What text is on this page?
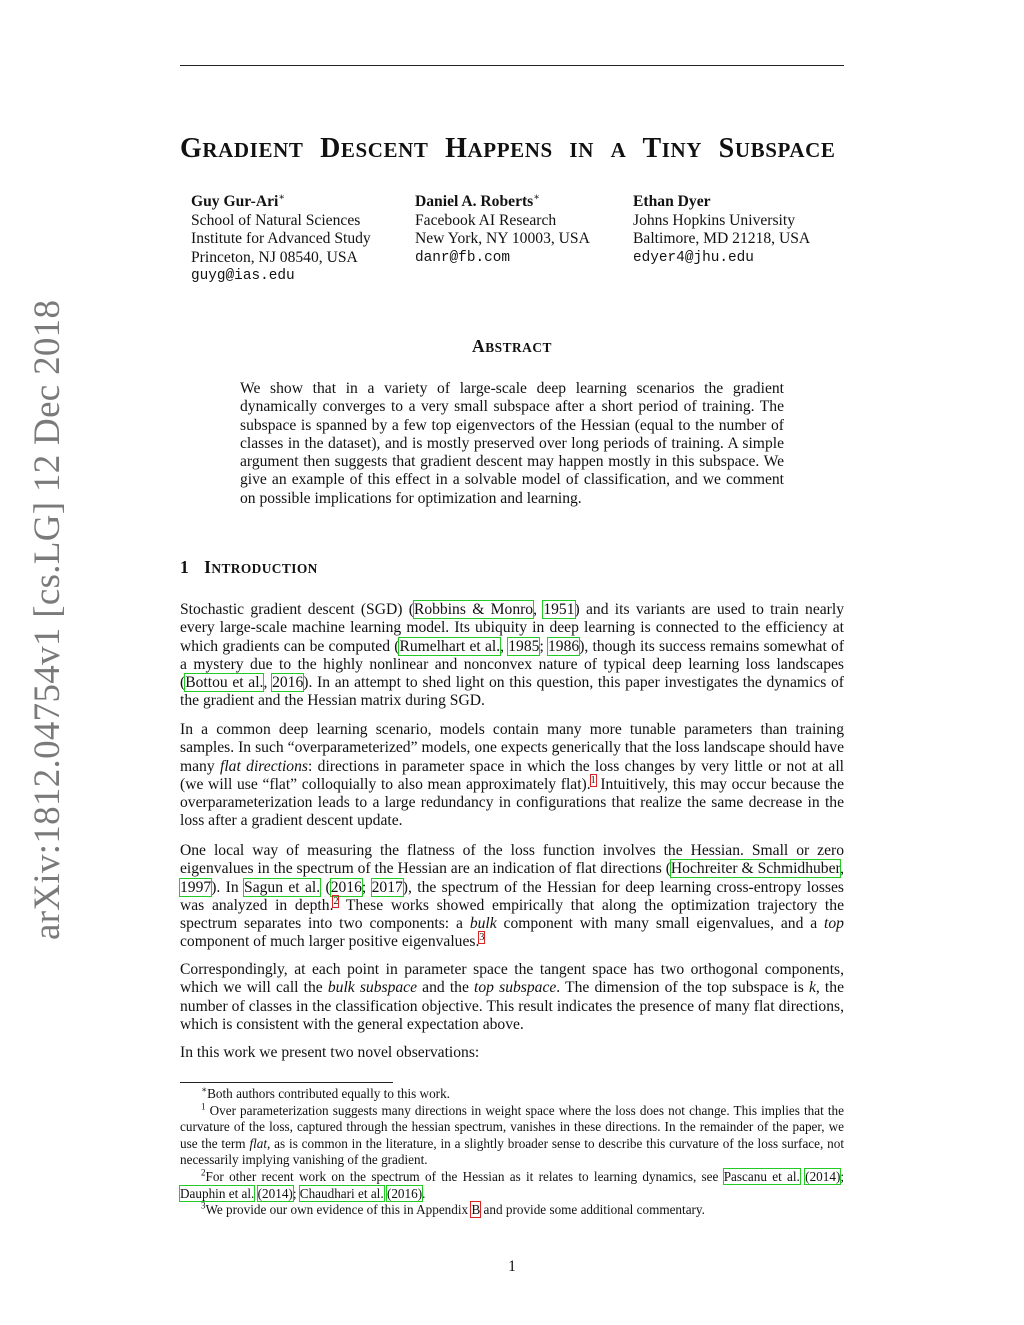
arXiv:1812.04754v1 [cs.LG] 12 Dec 2018
GRADIENT DESCENT HAPPENS IN A TINY SUBSPACE
Guy Gur-Ari∗
School of Natural Sciences
Institute for Advanced Study
Princeton, NJ 08540, USA
guyg@ias.edu
Daniel A. Roberts∗
Facebook AI Research
New York, NY 10003, USA
danr@fb.com
Ethan Dyer
Johns Hopkins University
Baltimore, MD 21218, USA
edyer4@jhu.edu
ABSTRACT

We show that in a variety of large-scale deep learning scenarios the gradient dynamically converges to a very small subspace after a short period of training. The subspace is spanned by a few top eigenvectors of the Hessian (equal to the number of classes in the dataset), and is mostly preserved over long periods of training. A simple argument then suggests that gradient descent may happen mostly in this subspace. We give an example of this effect in a solvable model of classification, and we comment on possible implications for optimization and learning.

1 INTRODUCTION

Stochastic gradient descent (SGD) (Robbins & Monro, 1951) and its variants are used to train nearly every large-scale machine learning model. Its ubiquity in deep learning is connected to the efficiency at which gradients can be computed (Rumelhart et al., 1985; 1986), though its success remains somewhat of a mystery due to the highly nonlinear and nonconvex nature of typical deep learning loss landscapes (Bottou et al., 2016). In an attempt to shed light on this question, this paper investigates the dynamics of the gradient and the Hessian matrix during SGD.

In a common deep learning scenario, models contain many more tunable parameters than training samples. In such “overparameterized” models, one expects generically that the loss landscape should have many flat directions: directions in parameter space in which the loss changes by very little or not at all (we will use “flat” colloquially to also mean approximately flat).$^1$ Intuitively, this may occur because the overparameterization leads to a large redundancy in configurations that realize the same decrease in the loss after a gradient descent update.

One local way of measuring the flatness of the loss function involves the Hessian. Small or zero eigenvalues in the spectrum of the Hessian are an indication of flat directions (Hochreiter & Schmidhuber, 1997). In Sagun et al. (2016; 2017), the spectrum of the Hessian for deep learning cross-entropy losses was analyzed in depth.$^2$ These works showed empirically that along the optimization trajectory the spectrum separates into two components: a bulk component with many small eigenvalues, and a top component of much larger positive eigenvalues.$^3$

Correspondingly, at each point in parameter space the tangent space has two orthogonal components, which we will call the bulk subspace and the top subspace. The dimension of the top subspace is k, the number of classes in the classification objective. This result indicates the presence of many flat directions, which is consistent with the general expectation above.

In this work we present two novel observations:

∗Both authors contributed equally to this work.

$^1$ Over parameterization suggests many directions in weight space where the loss does not change. This implies that the curvature of the loss, captured through the hessian spectrum, vanishes in these directions. In the remainder of the paper, we use the term flat, as is common in the literature, in a slightly broader sense to describe this curvature of the loss surface, not necessarily implying vanishing of the gradient.

$^2$For other recent work on the spectrum of the Hessian as it relates to learning dynamics, see Pascanu et al. (2014); Dauphin et al. (2014); Chaudhari et al. (2016).

$^3$We provide our own evidence of this in Appendix B and provide some additional commentary.

1
